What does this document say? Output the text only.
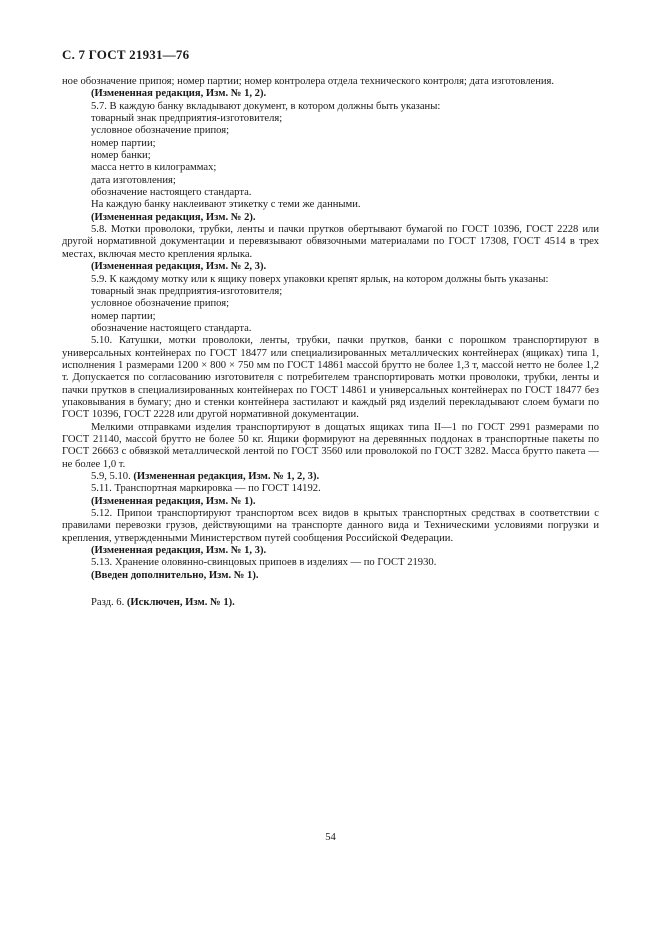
С. 7 ГОСТ 21931—76

ное обозначение припоя; номер партии; номер контролера отдела технического контроля; дата изготовления.

(Измененная редакция, Изм. № 1, 2).

5.7. В каждую банку вкладывают документ, в котором должны быть указаны:

товарный знак предприятия-изготовителя;

условное обозначение припоя;

номер партии;

номер банки;

масса нетто в килограммах;

дата изготовления;

обозначение настоящего стандарта.

На каждую банку наклеивают этикетку с теми же данными.

(Измененная редакция, Изм. № 2).

5.8. Мотки проволоки, трубки, ленты и пачки прутков обертывают бумагой по ГОСТ 10396, ГОСТ 2228 или другой нормативной документации и перевязывают обвязочными материалами по ГОСТ 17308, ГОСТ 4514 в трех местах, включая место крепления ярлыка.

(Измененная редакция, Изм. № 2, 3).

5.9. К каждому мотку или к ящику поверх упаковки крепят ярлык, на котором должны быть указаны:

товарный знак предприятия-изготовителя;

условное обозначение припоя;

номер партии;

обозначение настоящего стандарта.

5.10. Катушки, мотки проволоки, ленты, трубки, пачки прутков, банки с порошком транспортируют в универсальных контейнерах по ГОСТ 18477 или специализированных металлических контейнерах (ящиках) типа 1, исполнения 1 размерами 1200 × 800 × 750 мм по ГОСТ 14861 массой брутто не более 1,3 т, массой нетто не более 1,2 т. Допускается по согласованию изготовителя с потребителем транспортировать мотки проволоки, трубки, ленты и пачки прутков в специализированных контейнерах по ГОСТ 14861 и универсальных контейнерах по ГОСТ 18477 без упаковывания в бумагу; дно и стенки контейнера застилают и каждый ряд изделий перекладывают слоем бумаги по ГОСТ 10396, ГОСТ 2228 или другой нормативной документации.

Мелкими отправками изделия транспортируют в дощатых ящиках типа II—1 по ГОСТ 2991 размерами по ГОСТ 21140, массой брутто не более 50 кг. Ящики формируют на деревянных поддонах в транспортные пакеты по ГОСТ 26663 с обвязкой металлической лентой по ГОСТ 3560 или проволокой по ГОСТ 3282. Масса брутто пакета — не более 1,0 т.

5.9, 5.10. (Измененная редакция, Изм. № 1, 2, 3).

5.11. Транспортная маркировка — по ГОСТ 14192.

(Измененная редакция, Изм. № 1).

5.12. Припои транспортируют транспортом всех видов в крытых транспортных средствах в соответствии с правилами перевозки грузов, действующими на транспорте данного вида и Техническими условиями погрузки и крепления, утвержденными Министерством путей сообщения Российской Федерации.

(Измененная редакция, Изм. № 1, 3).

5.13. Хранение оловянно-свинцовых припоев в изделиях — по ГОСТ 21930.

(Введен дополнительно, Изм. № 1).

Разд. 6. (Исключен, Изм. № 1).

54
